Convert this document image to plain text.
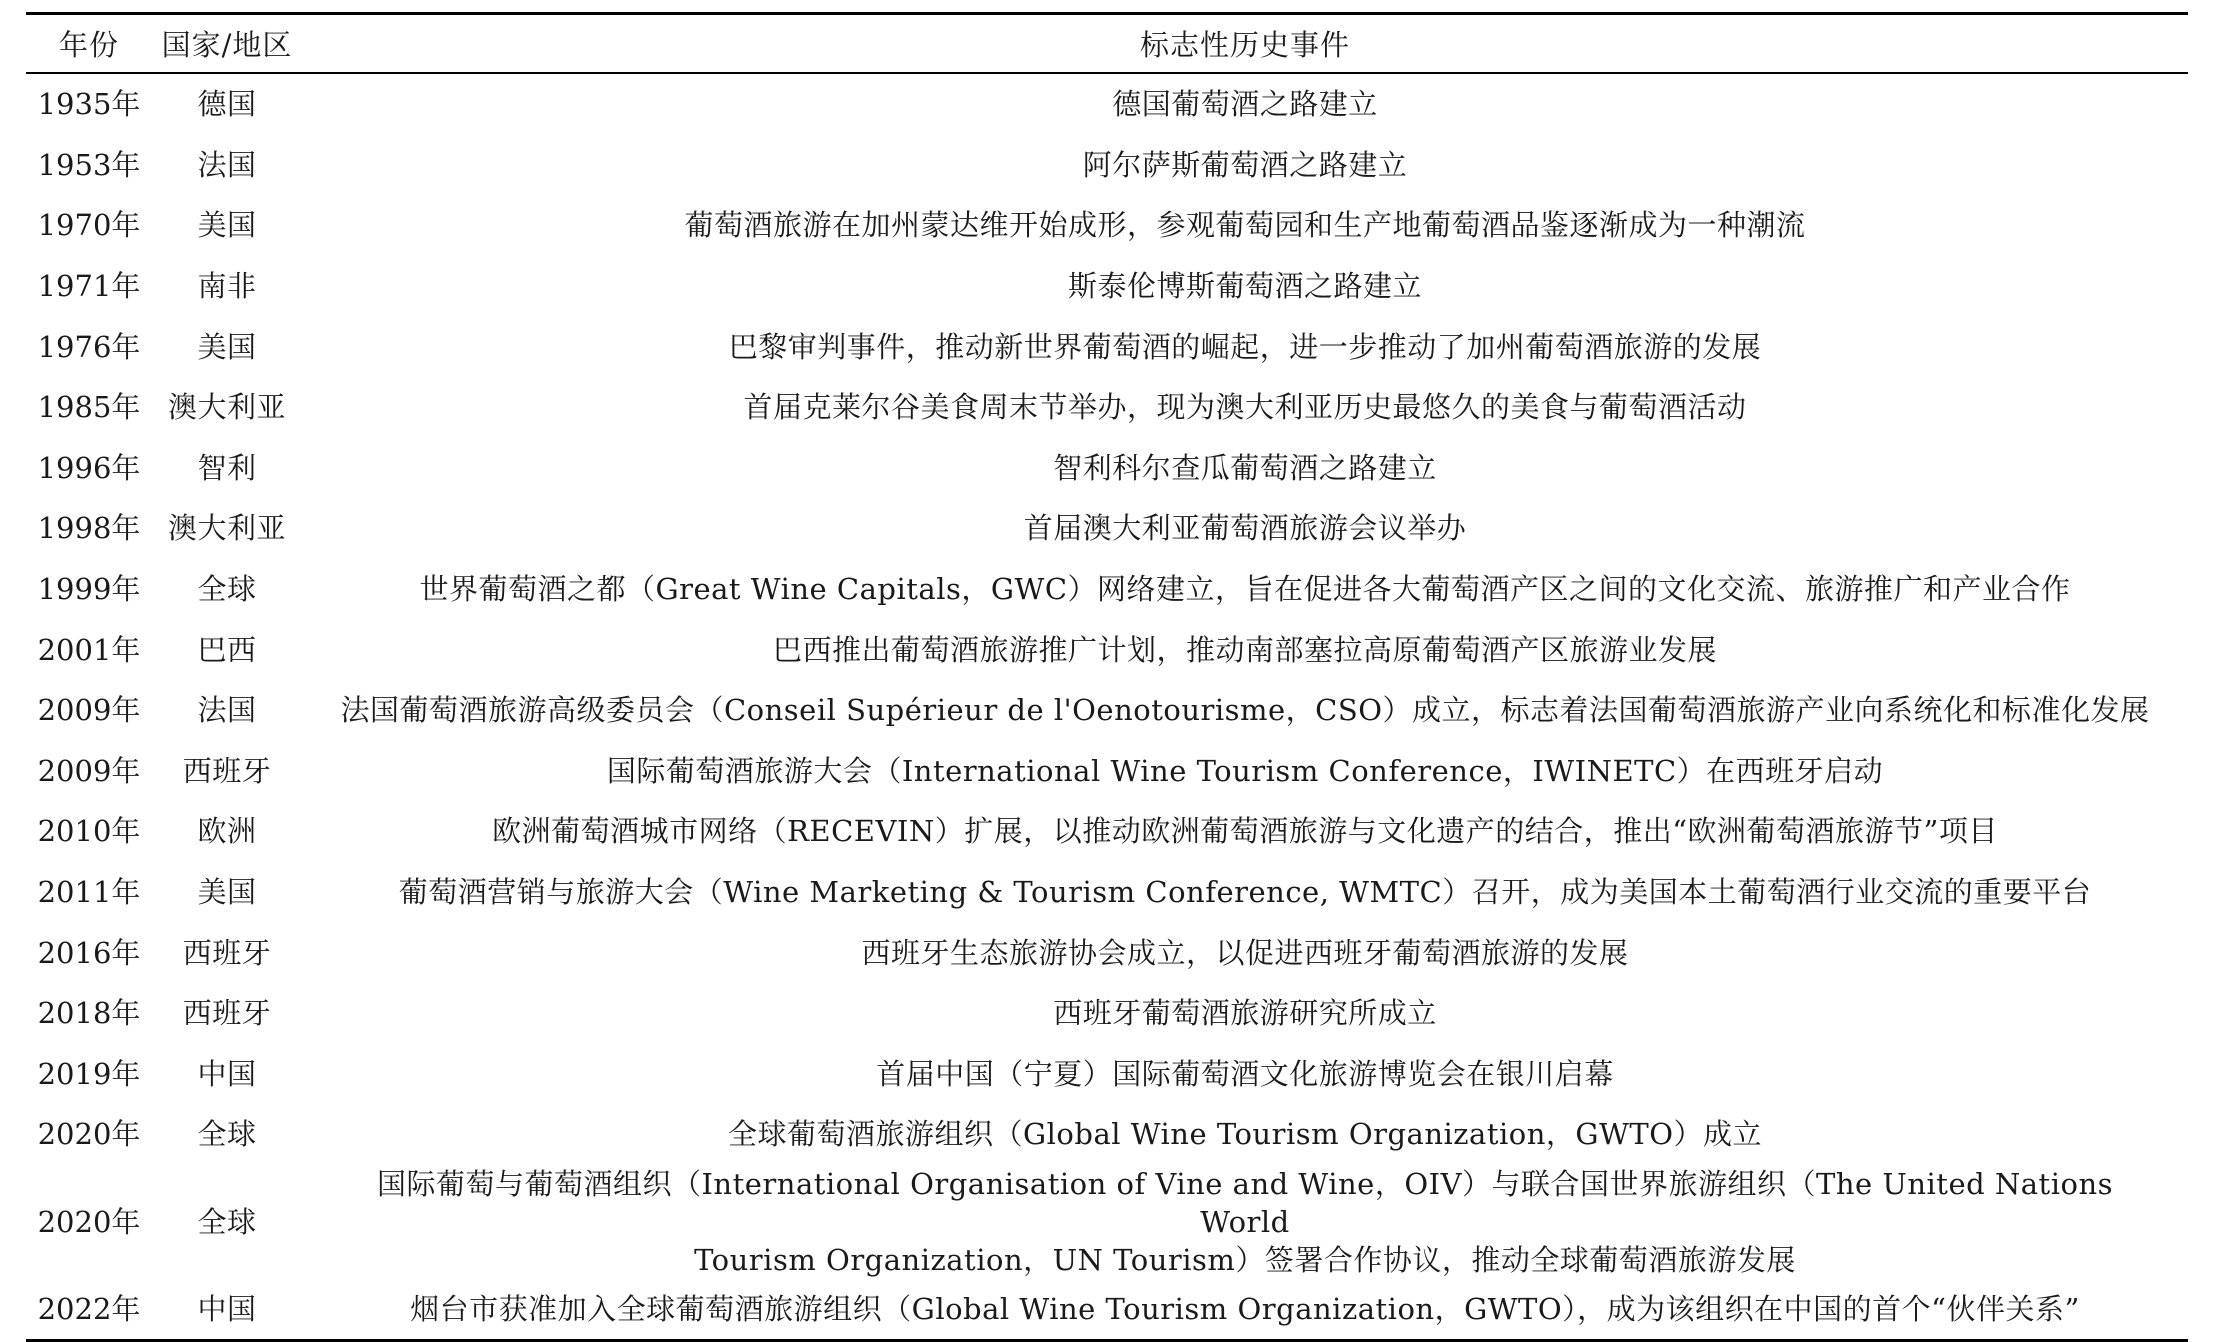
年份	国家/地区	标志性历史事件
1935年	德国	德国葡萄酒之路建立
1953年	法国	阿尔萨斯葡萄酒之路建立
1970年	美国	葡萄酒旅游在加州蒙达维开始成形，参观葡萄园和生产地葡萄酒品鉴逐渐成为一种潮流
1971年	南非	斯泰伦博斯葡萄酒之路建立
1976年	美国	巴黎审判事件，推动新世界葡萄酒的崛起，进一步推动了加州葡萄酒旅游的发展
1985年	澳大利亚	首届克莱尔谷美食周末节举办，现为澳大利亚历史最悠久的美食与葡萄酒活动
1996年	智利	智利科尔查瓜葡萄酒之路建立
1998年	澳大利亚	首届澳大利亚葡萄酒旅游会议举办
1999年	全球	世界葡萄酒之都（Great Wine Capitals，GWC）网络建立，旨在促进各大葡萄酒产区之间的文化交流、旅游推广和产业合作
2001年	巴西	巴西推出葡萄酒旅游推广计划，推动南部塞拉高原葡萄酒产区旅游业发展
2009年	法国	法国葡萄酒旅游高级委员会（Conseil Supérieur de l'Oenotourisme，CSO）成立，标志着法国葡萄酒旅游产业向系统化和标准化发展
2009年	西班牙	国际葡萄酒旅游大会（International Wine Tourism Conference，IWINETC）在西班牙启动
2010年	欧洲	欧洲葡萄酒城市网络（RECEVIN）扩展，以推动欧洲葡萄酒旅游与文化遗产的结合，推出“欧洲葡萄酒旅游节”项目
2011年	美国	葡萄酒营销与旅游大会（Wine Marketing & Tourism Conference, WMTC）召开，成为美国本土葡萄酒行业交流的重要平台
2016年	西班牙	西班牙生态旅游协会成立，以促进西班牙葡萄酒旅游的发展
2018年	西班牙	西班牙葡萄酒旅游研究所成立
2019年	中国	首届中国（宁夏）国际葡萄酒文化旅游博览会在银川启幕
2020年	全球	全球葡萄酒旅游组织（Global Wine Tourism Organization，GWTO）成立
2020年	全球	国际葡萄与葡萄酒组织（International Organisation of Vine and Wine，OIV）与联合国世界旅游组织（The United Nations World
Tourism Organization，UN Tourism）签署合作协议，推动全球葡萄酒旅游发展

2022年	中国	烟台市获准加入全球葡萄酒旅游组织（Global Wine Tourism Organization，GWTO），成为该组织在中国的首个“伙伴关系”
